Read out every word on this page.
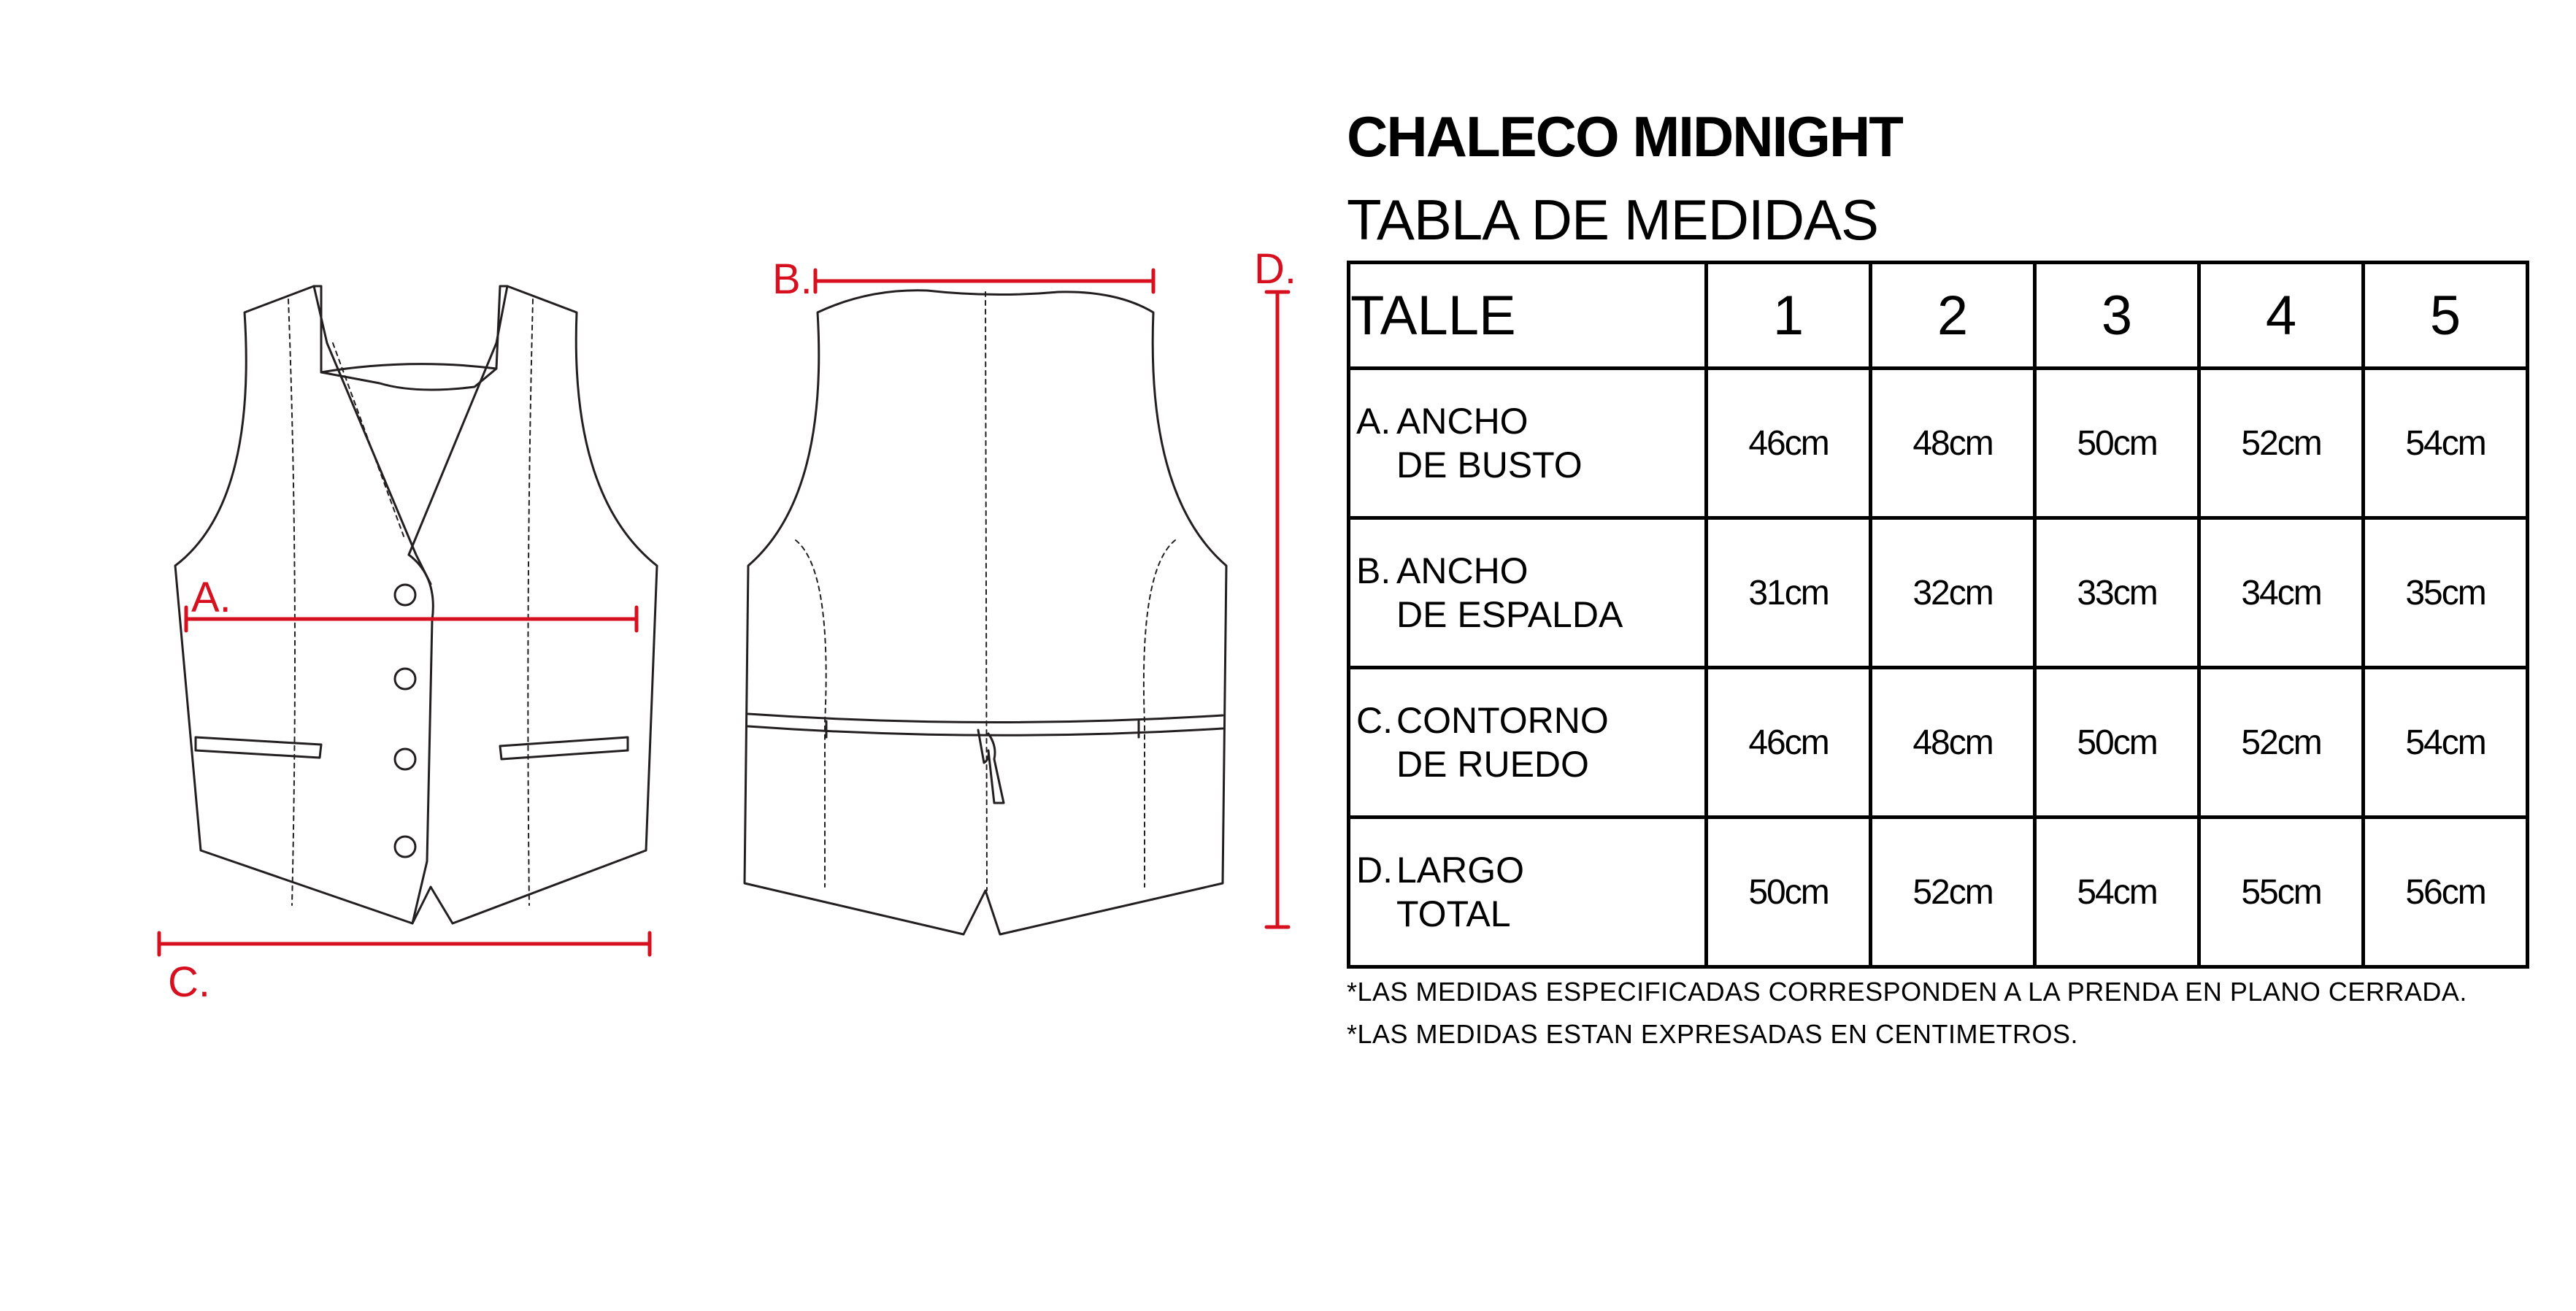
A.
B.
C.
D.
CHALECO MIDNIGHT
TABLA DE MEDIDAS
TALLE	1	2	3	4	5

A. ANCHO
DE BUSTO	46cm	48cm	50cm	52cm	54cm

B. ANCHO
DE ESPALDA	31cm	32cm	33cm	34cm	35cm

C. CONTORNO
DE RUEDO	46cm	48cm	50cm	52cm	54cm

D. LARGO
TOTAL	50cm	52cm	54cm	55cm	56cm
*LAS MEDIDAS ESPECIFICADAS CORRESPONDEN A LA PRENDA EN PLANO CERRADA.
*LAS MEDIDAS ESTAN EXPRESADAS EN CENTIMETROS.
